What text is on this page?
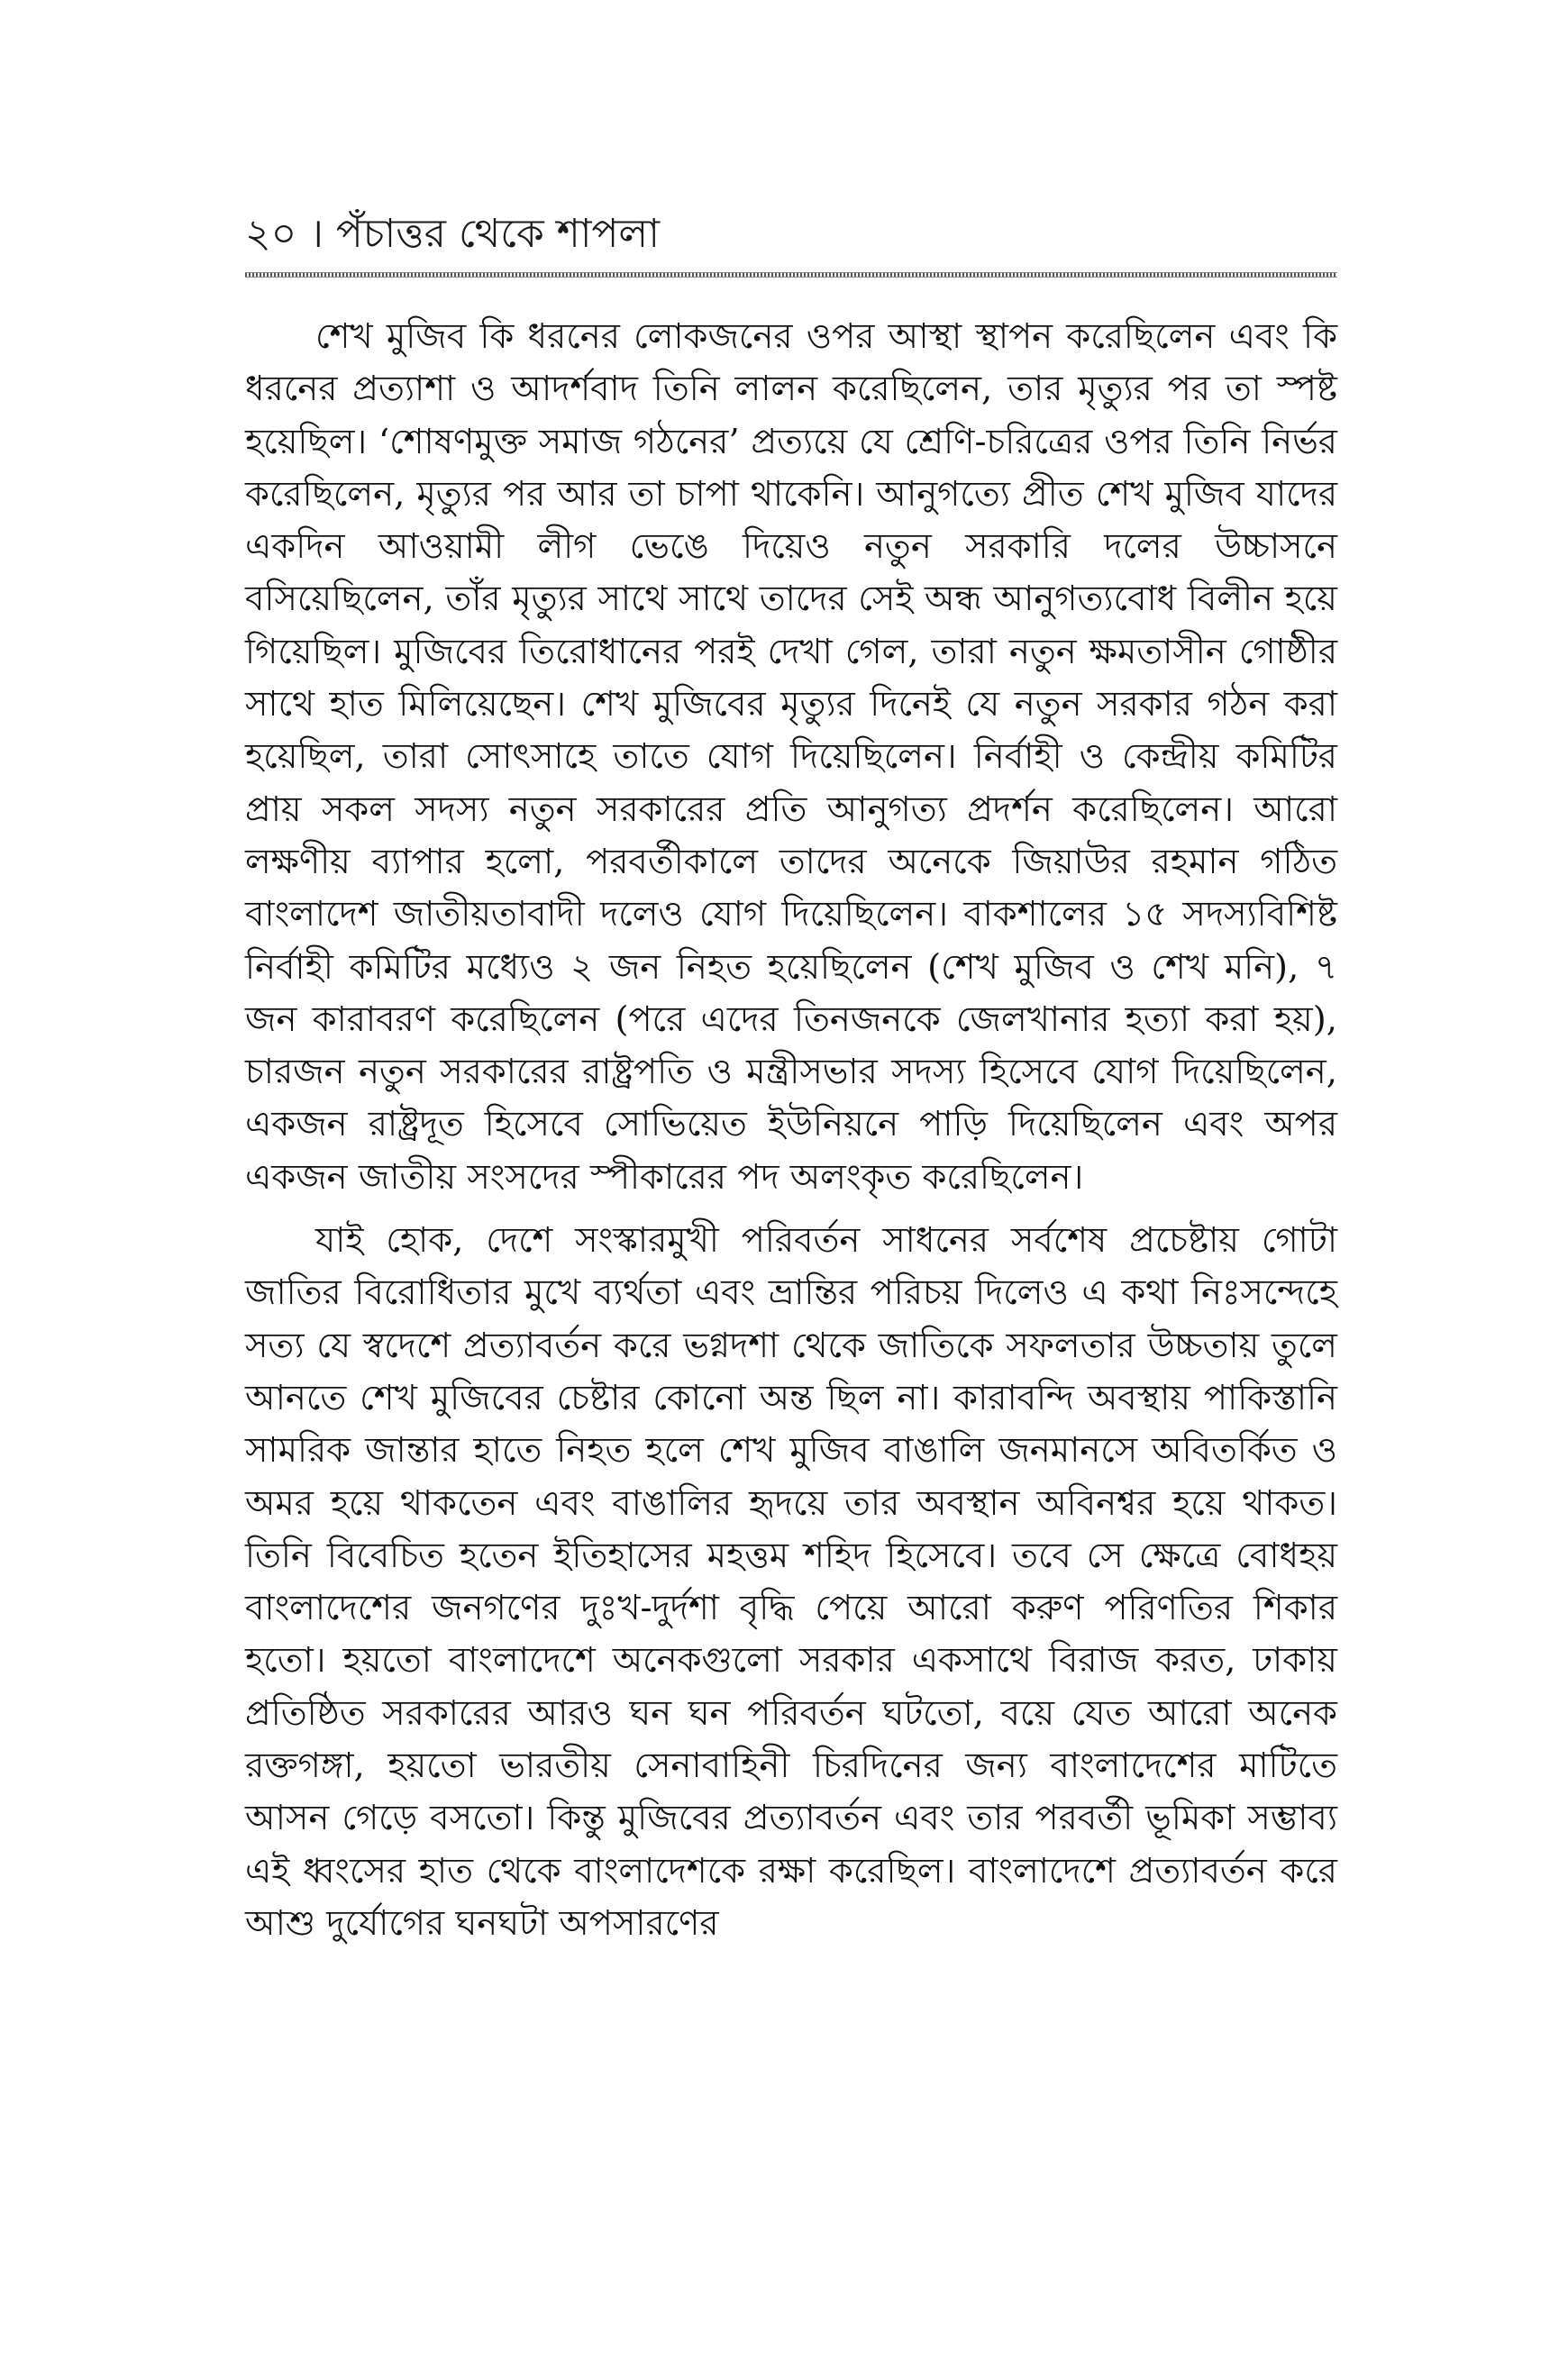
২০ । পঁচাত্তর থেকে শাপলা

শেখ মুজিব কি ধরনের লোকজনের ওপর আস্থা স্থাপন করেছিলেন এবং কি ধরনের প্রত্যাশা ও আদর্শবাদ তিনি লালন করেছিলেন, তার মৃত্যুর পর তা স্পষ্ট হয়েছিল। ‘শোষণমুক্ত সমাজ গঠনের’ প্রত্যয়ে যে শ্রেণি-চরিত্রের ওপর তিনি নির্ভর করেছিলেন, মৃত্যুর পর আর তা চাপা থাকেনি। আনুগত্যে প্রীত শেখ মুজিব যাদের একদিন আওয়ামী লীগ ভেঙে দিয়েও নতুন সরকারি দলের উচ্চাসনে বসিয়েছিলেন, তাঁর মৃত্যুর সাথে সাথে তাদের সেই অন্ধ আনুগত্যবোধ বিলীন হয়ে গিয়েছিল। মুজিবের তিরোধানের পরই দেখা গেল, তারা নতুন ক্ষমতাসীন গোষ্ঠীর সাথে হাত মিলিয়েছেন। শেখ মুজিবের মৃত্যুর দিনেই যে নতুন সরকার গঠন করা হয়েছিল, তারা সোৎসাহে তাতে যোগ দিয়েছিলেন। নির্বাহী ও কেন্দ্রীয় কমিটির প্রায় সকল সদস্য নতুন সরকারের প্রতি আনুগত্য প্রদর্শন করেছিলেন। আরো লক্ষণীয় ব্যাপার হলো, পরবর্তীকালে তাদের অনেকে জিয়াউর রহমান গঠিত বাংলাদেশ জাতীয়তাবাদী দলেও যোগ দিয়েছিলেন। বাকশালের ১৫ সদস্যবিশিষ্ট নির্বাহী কমিটির মধ্যেও ২ জন নিহত হয়েছিলেন (শেখ মুজিব ও শেখ মনি), ৭ জন কারাবরণ করেছিলেন (পরে এদের তিনজনকে জেলখানার হত্যা করা হয়), চারজন নতুন সরকারের রাষ্ট্রপতি ও মন্ত্রীসভার সদস্য হিসেবে যোগ দিয়েছিলেন, একজন রাষ্ট্রদূত হিসেবে সোভিয়েত ইউনিয়নে পাড়ি দিয়েছিলেন এবং অপর একজন জাতীয় সংসদের স্পীকারের পদ অলংকৃত করেছিলেন।

যাই হোক, দেশে সংস্কারমুখী পরিবর্তন সাধনের সর্বশেষ প্রচেষ্টায় গোটা জাতির বিরোধিতার মুখে ব্যর্থতা এবং ভ্রান্তির পরিচয় দিলেও এ কথা নিঃসন্দেহে সত্য যে স্বদেশে প্রত্যাবর্তন করে ভগ্নদশা থেকে জাতিকে সফলতার উচ্চতায় তুলে আনতে শেখ মুজিবের চেষ্টার কোনো অন্ত ছিল না। কারাবন্দি অবস্থায় পাকিস্তানি সামরিক জান্তার হাতে নিহত হলে শেখ মুজিব বাঙালি জনমানসে অবিতর্কিত ও অমর হয়ে থাকতেন এবং বাঙালির হৃদয়ে তার অবস্থান অবিনশ্বর হয়ে থাকত। তিনি বিবেচিত হতেন ইতিহাসের মহত্তম শহিদ হিসেবে। তবে সে ক্ষেত্রে বোধহয় বাংলাদেশের জনগণের দুঃখ-দুর্দশা বৃদ্ধি পেয়ে আরো করুণ পরিণতির শিকার হতো। হয়তো বাংলাদেশে অনেকগুলো সরকার একসাথে বিরাজ করত, ঢাকায় প্রতিষ্ঠিত সরকারের আরও ঘন ঘন পরিবর্তন ঘটতো, বয়ে যেত আরো অনেক রক্তগঙ্গা, হয়তো ভারতীয় সেনাবাহিনী চিরদিনের জন্য বাংলাদেশের মাটিতে আসন গেড়ে বসতো। কিন্তু মুজিবের প্রত্যাবর্তন এবং তার পরবর্তী ভূমিকা সম্ভাব্য এই ধ্বংসের হাত থেকে বাংলাদেশকে রক্ষা করেছিল। বাংলাদেশে প্রত্যাবর্তন করে আশু দুর্যোগের ঘনঘটা অপসারণের
